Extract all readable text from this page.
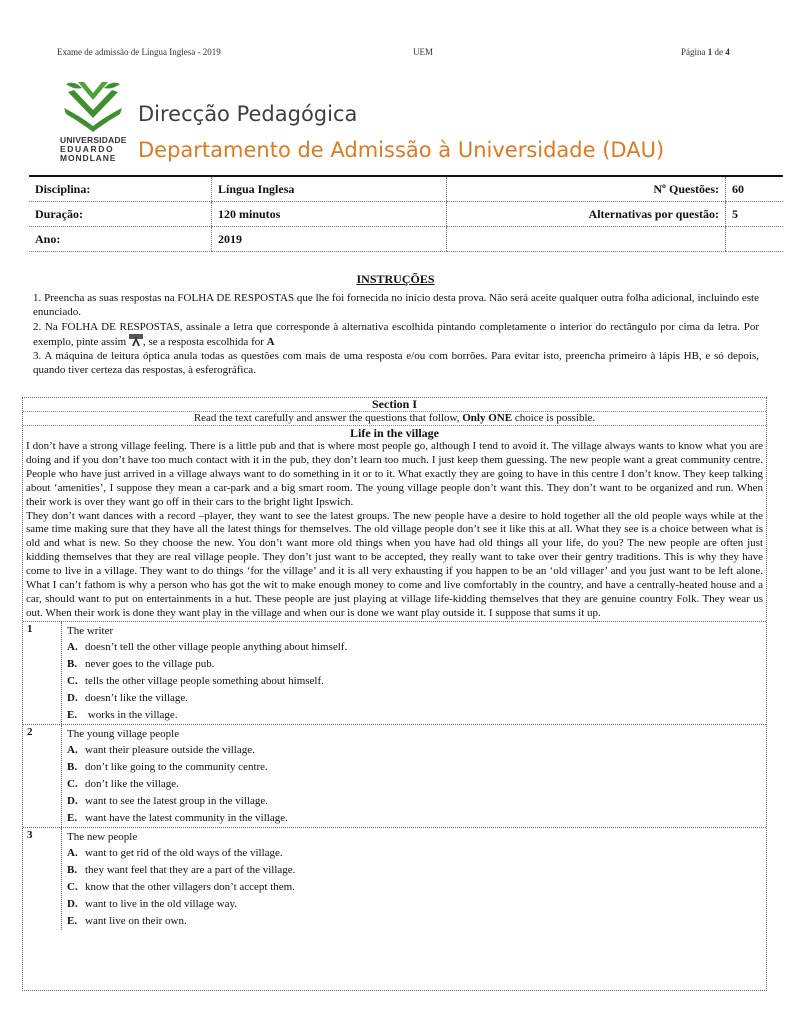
Exame de admissão de Língua Inglesa - 2019	UEM	Página 1 de 4
UNIVERSIDADE
EDUARDO
MONDLANE
Direcção Pedagógica
Departamento de Admissão à Universidade (DAU)
Disciplina:	Língua Inglesa	Nº Questões:	60
Duração:	120 minutos	Alternativas por questão:	5
Ano:	2019		
INSTRUÇÕES

1. Preencha as suas respostas na FOLHA DE RESPOSTAS que lhe foi fornecida no início desta prova. Não será aceite qualquer outra folha adicional, incluindo este enunciado.

2. Na FOLHA DE RESPOSTAS, assinale a letra que corresponde à alternativa escolhida pintando completamente o interior do rectângulo por cima da letra. Por exemplo, pinte assim , se a resposta escolhida for A

3. A máquina de leitura óptica anula todas as questões com mais de uma resposta e/ou com borrões. Para evitar isto, preencha primeiro à lápis HB, e só depois, quando tiver certeza das respostas, à esferográfica.

Section I
Read the text carefully and answer the questions that follow, Only ONE choice is possible.
Life in the village

I don’t have a strong village feeling. There is a little pub and that is where most people go, although I tend to avoid it. The village always wants to know what you are doing and if you don’t have too much contact with it in the pub, they don’t learn too much. I just keep them guessing. The new people want a great community centre. People who have just arrived in a village always want to do something in it or to it. What exactly they are going to have in this centre I don’t know. They keep talking about ‘amenities’, I suppose they mean a car-park and a big smart room. The young village people don’t want this. They don’t want to be organized and run. When their work is over they want go off in their cars to the bright light Ipswich.

They don’t want dances with a record –player, they want to see the latest groups. The new people have a desire to hold together all the old people ways while at the same time making sure that they have all the latest things for themselves. The old village people don’t see it like this at all. What they see is a choice between what is old and what is new. So they choose the new. You don’t want more old things when you have had old things all your life, do you? The new people are often just kidding themselves that they are real village people. They don’t just want to be accepted, they really want to take over their gentry traditions. This is why they have come to live in a village. They want to do things ‘for the village’ and it is all very exhausting if you happen to be an ‘old villager’ and you just want to be left alone. What I can’t fathom is why a person who has got the wit to make enough money to come and live comfortably in the country, and have a centrally-heated house and a car, should want to put on entertainments in a hut. These people are just playing at village life-kidding themselves that they are genuine country Folk. They wear us out. When their work is done they want play in the village and when our is done we want play outside it. I suppose that sums it up.

1	The writer
A. doesn’t tell the other village people anything about himself.
B. never goes to the village pub.
C. tells the other village people something about himself.
D. doesn’t like the village.
E. works in the village.
2	The young village people
A. want their pleasure outside the village.
B. don’t like going to the community centre.
C. don’t like the village.
D. want to see the latest group in the village.
E. want have the latest community in the village.
3	The new people
A. want to get rid of the old ways of the village.
B. they want feel that they are a part of the village.
C. know that the other villagers don’t accept them.
D. want to live in the old village way.
E. want live on their own.
